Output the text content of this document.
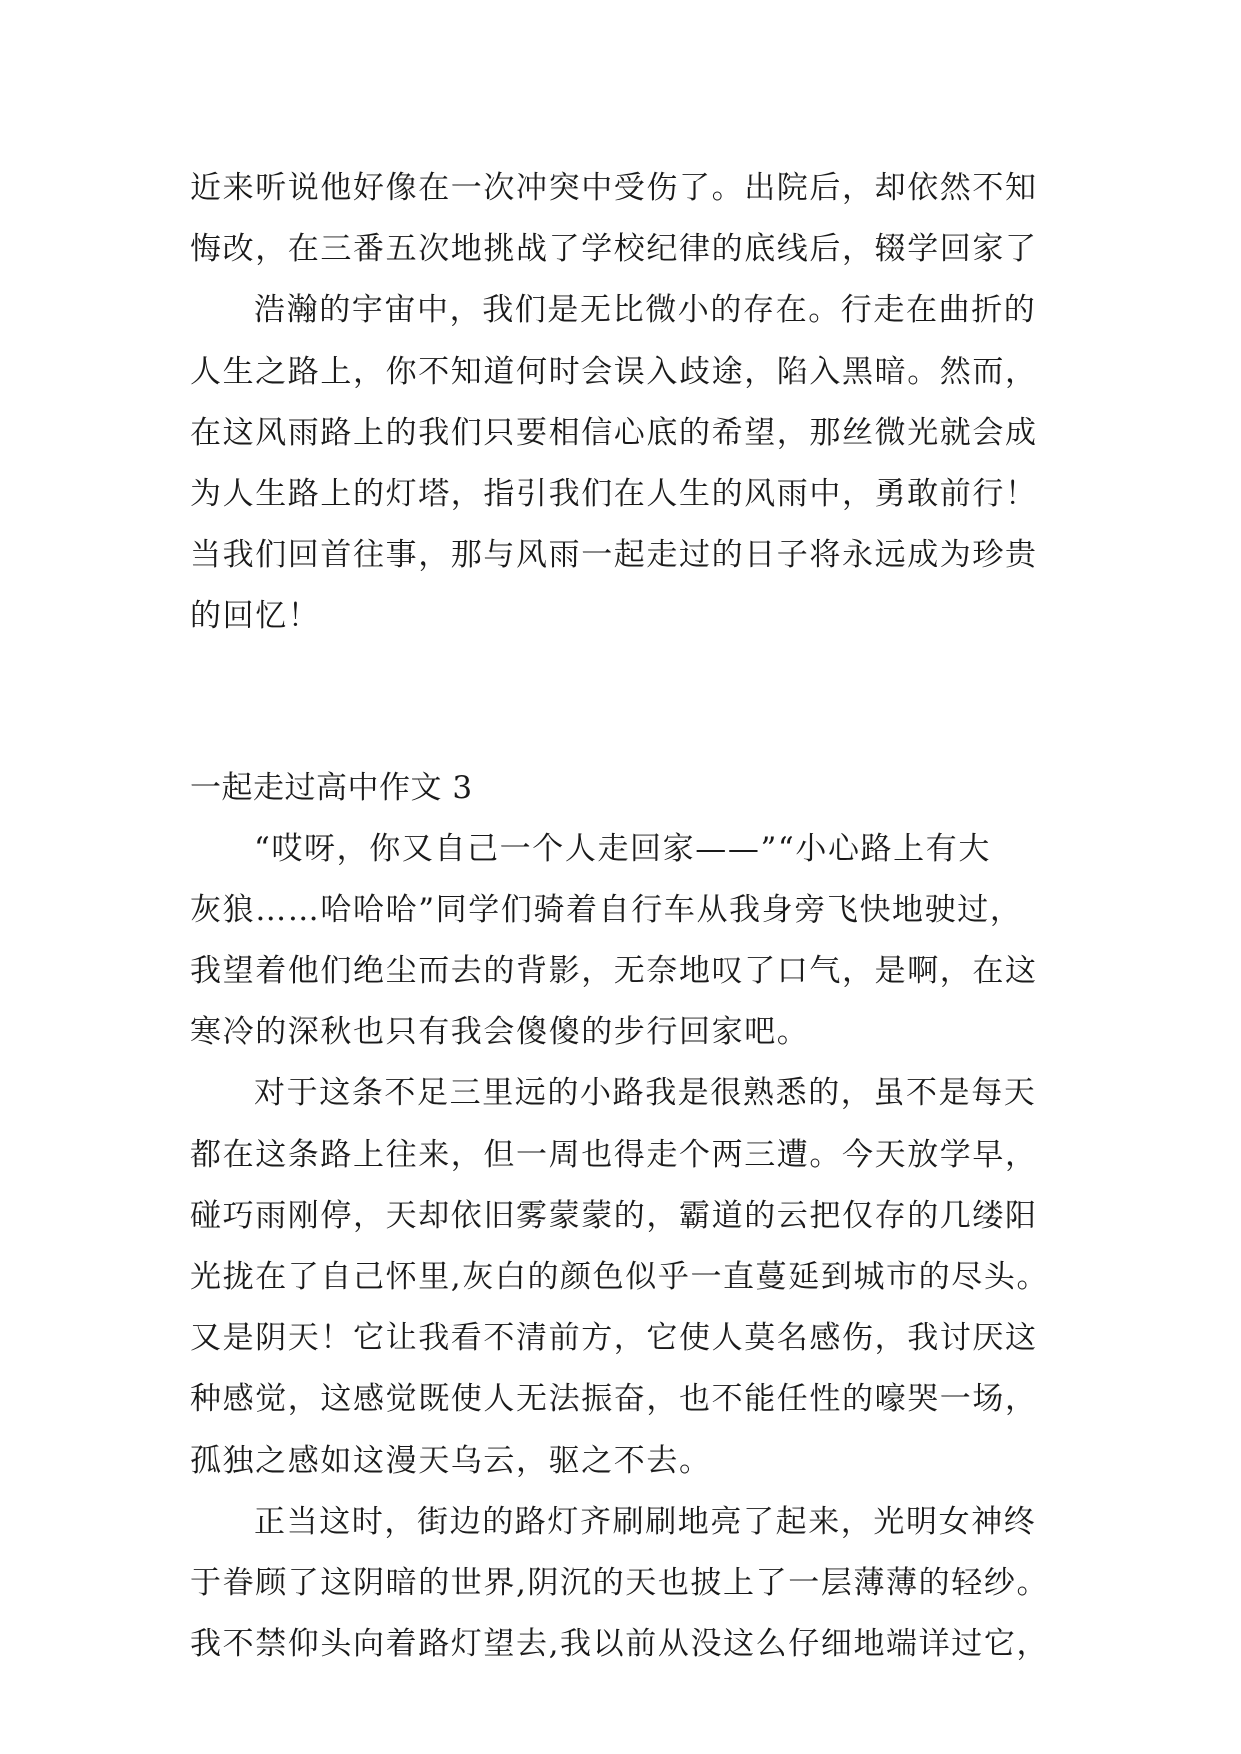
近来听说他好像在一次冲突中受伤了。出院后，却依然不知
悔改，在三番五次地挑战了学校纪律的底线后，辍学回家了
浩瀚的宇宙中，我们是无比微小的存在。行走在曲折的
人生之路上，你不知道何时会误入歧途，陷入黑暗。然而，
在这风雨路上的我们只要相信心底的希望，那丝微光就会成
为人生路上的灯塔，指引我们在人生的风雨中，勇敢前行！
当我们回首往事，那与风雨一起走过的日子将永远成为珍贵
的回忆！
一起走过高中作文 3
“哎呀，你又自己一个人走回家——”“小心路上有大
灰狼……哈哈哈”同学们骑着自行车从我身旁飞快地驶过，
我望着他们绝尘而去的背影，无奈地叹了口气，是啊，在这
寒冷的深秋也只有我会傻傻的步行回家吧。
对于这条不足三里远的小路我是很熟悉的，虽不是每天
都在这条路上往来，但一周也得走个两三遭。今天放学早，
碰巧雨刚停，天却依旧雾蒙蒙的，霸道的云把仅存的几缕阳
光拢在了自己怀里,灰白的颜色似乎一直蔓延到城市的尽头。
又是阴天！它让我看不清前方，它使人莫名感伤，我讨厌这
种感觉，这感觉既使人无法振奋，也不能任性的嚎哭一场，
孤独之感如这漫天乌云，驱之不去。
正当这时，街边的路灯齐刷刷地亮了起来，光明女神终
于眷顾了这阴暗的世界,阴沉的天也披上了一层薄薄的轻纱。
我不禁仰头向着路灯望去,我以前从没这么仔细地端详过它，
